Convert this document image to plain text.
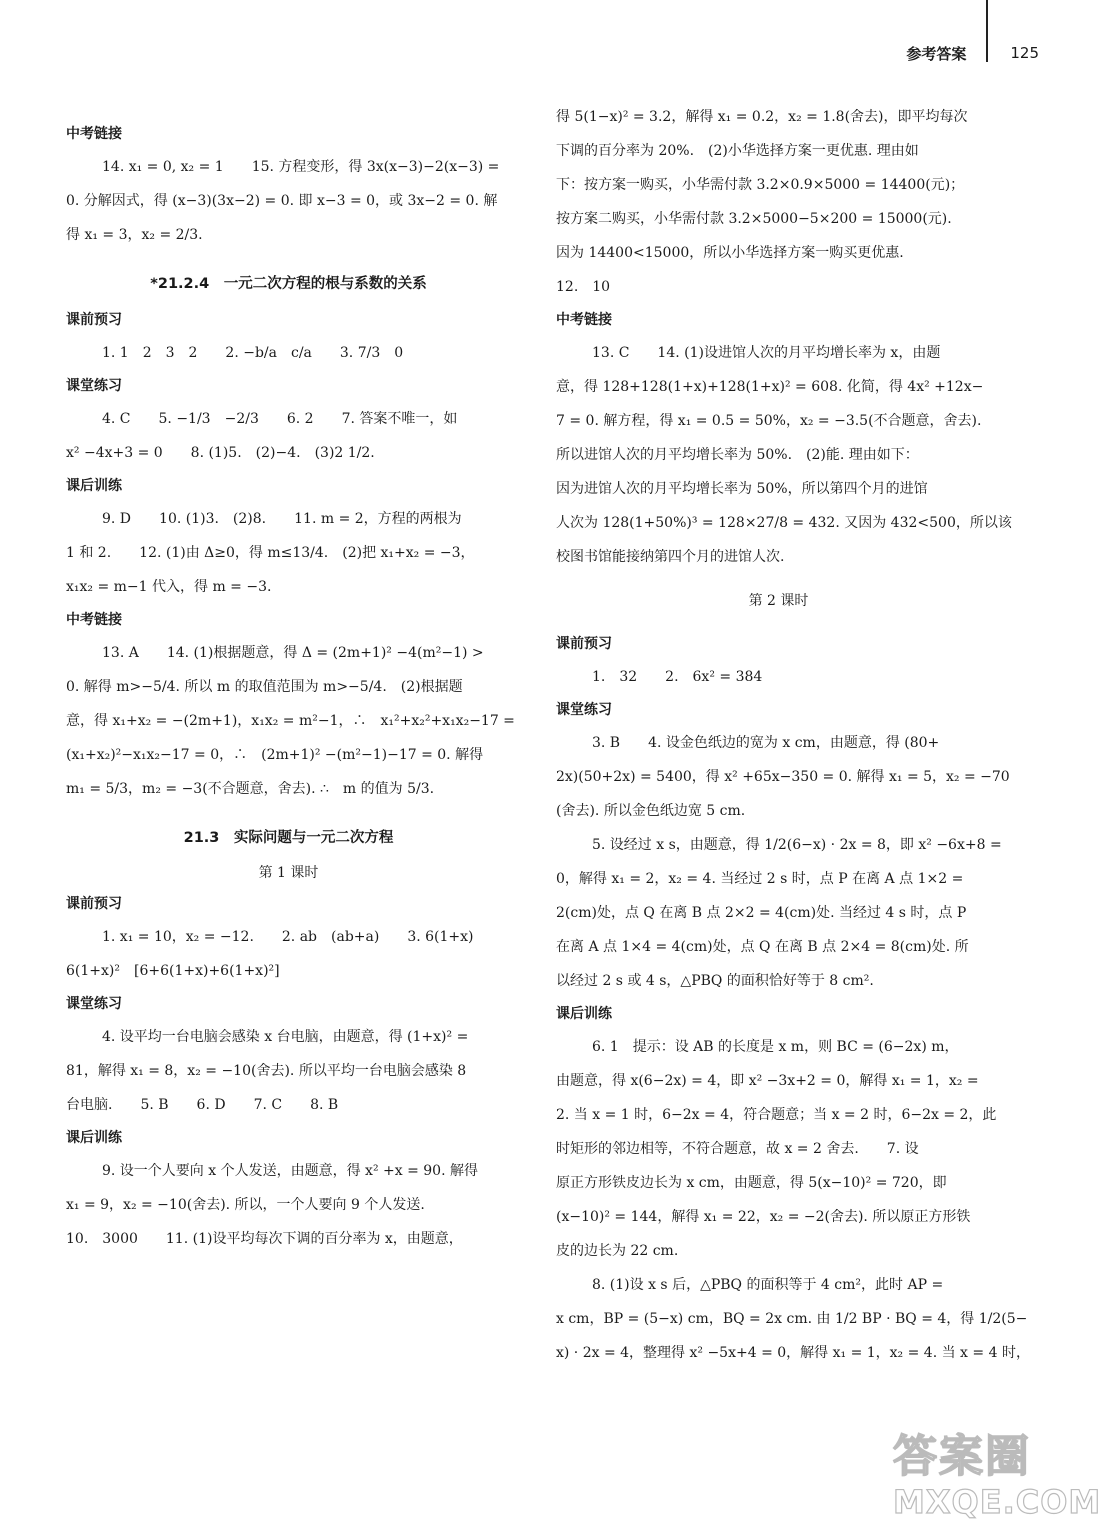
参考答案	125
中考链接
14. x₁ = 0, x₂ = 1　　15. 方程变形，得 3x(x−3)−2(x−3) =
0. 分解因式，得 (x−3)(3x−2) = 0. 即 x−3 = 0，或 3x−2 = 0. 解
得 x₁ = 3，x₂ = 2/3.
*21.2.4　一元二次方程的根与系数的关系
课前预习
1. 1　2　3　2　　2. −b/a　c/a　　3. 7/3　0
课堂练习
4. C　　5. −1/3　−2/3　　6. 2　　7. 答案不唯一，如
x² −4x+3 = 0　　8. (1)5.　(2)−4.　(3)2 1/2.
课后训练
9. D　　10. (1)3.　(2)8.　　11. m = 2，方程的两根为
1 和 2.　　12. (1)由 Δ≥0，得 m≤13/4.　(2)把 x₁+x₂ = −3，
x₁x₂ = m−1 代入，得 m = −3.
中考链接
13. A　　14. (1)根据题意，得 Δ = (2m+1)² −4(m²−1) >
0. 解得 m>−5/4. 所以 m 的取值范围为 m>−5/4.　(2)根据题
意，得 x₁+x₂ = −(2m+1)，x₁x₂ = m²−1，∴　x₁²+x₂²+x₁x₂−17 =
(x₁+x₂)²−x₁x₂−17 = 0，∴　(2m+1)² −(m²−1)−17 = 0. 解得
m₁ = 5/3，m₂ = −3(不合题意，舍去). ∴　m 的值为 5/3.
21.3　实际问题与一元二次方程
第 1 课时
课前预习
1. x₁ = 10，x₂ = −12.　　2. ab　(ab+a)　　3. 6(1+x)
6(1+x)²　[6+6(1+x)+6(1+x)²]
课堂练习
4. 设平均一台电脑会感染 x 台电脑，由题意，得 (1+x)² =
81，解得 x₁ = 8，x₂ = −10(舍去). 所以平均一台电脑会感染 8
台电脑.　　5. B　　6. D　　7. C　　8. B
课后训练
9. 设一个人要向 x 个人发送，由题意，得 x² +x = 90. 解得
x₁ = 9，x₂ = −10(舍去). 所以，一个人要向 9 个人发送.
10.　3000　　11. (1)设平均每次下调的百分率为 x，由题意，
得 5(1−x)² = 3.2，解得 x₁ = 0.2，x₂ = 1.8(舍去)，即平均每次
下调的百分率为 20%.　(2)小华选择方案一更优惠. 理由如
下：按方案一购买，小华需付款 3.2×0.9×5000 = 14400(元)；
按方案二购买，小华需付款 3.2×5000−5×200 = 15000(元).
因为 14400<15000，所以小华选择方案一购买更优惠.
12.　10
中考链接
13. C　　14. (1)设进馆人次的月平均增长率为 x，由题
意，得 128+128(1+x)+128(1+x)² = 608. 化简，得 4x² +12x−
7 = 0. 解方程，得 x₁ = 0.5 = 50%，x₂ = −3.5(不合题意，舍去).
所以进馆人次的月平均增长率为 50%.　(2)能. 理由如下：
因为进馆人次的月平均增长率为 50%，所以第四个月的进馆
人次为 128(1+50%)³ = 128×27/8 = 432. 又因为 432<500，所以该
校图书馆能接纳第四个月的进馆人次.
第 2 课时
课前预习
1.　32　　2.　6x² = 384
课堂练习
3. B　　4. 设金色纸边的宽为 x cm，由题意，得 (80+
2x)(50+2x) = 5400，得 x² +65x−350 = 0. 解得 x₁ = 5，x₂ = −70
(舍去). 所以金色纸边宽 5 cm.
5. 设经过 x s，由题意，得 1/2(6−x) · 2x = 8，即 x² −6x+8 =
0，解得 x₁ = 2，x₂ = 4. 当经过 2 s 时，点 P 在离 A 点 1×2 =
2(cm)处，点 Q 在离 B 点 2×2 = 4(cm)处. 当经过 4 s 时，点 P
在离 A 点 1×4 = 4(cm)处，点 Q 在离 B 点 2×4 = 8(cm)处. 所
以经过 2 s 或 4 s，△PBQ 的面积恰好等于 8 cm².
课后训练
6. 1　提示：设 AB 的长度是 x m，则 BC = (6−2x) m，
由题意，得 x(6−2x) = 4，即 x² −3x+2 = 0，解得 x₁ = 1，x₂ =
2. 当 x = 1 时，6−2x = 4，符合题意；当 x = 2 时，6−2x = 2，此
时矩形的邻边相等，不符合题意，故 x = 2 舍去.　　7. 设
原正方形铁皮边长为 x cm，由题意，得 5(x−10)² = 720，即
(x−10)² = 144，解得 x₁ = 22，x₂ = −2(舍去). 所以原正方形铁
皮的边长为 22 cm.
8. (1)设 x s 后，△PBQ 的面积等于 4 cm²，此时 AP =
x cm，BP = (5−x) cm，BQ = 2x cm. 由 1/2 BP · BQ = 4，得 1/2(5−
x) · 2x = 4，整理得 x² −5x+4 = 0，解得 x₁ = 1，x₂ = 4. 当 x = 4 时，
答案圈
MXQE.COM
